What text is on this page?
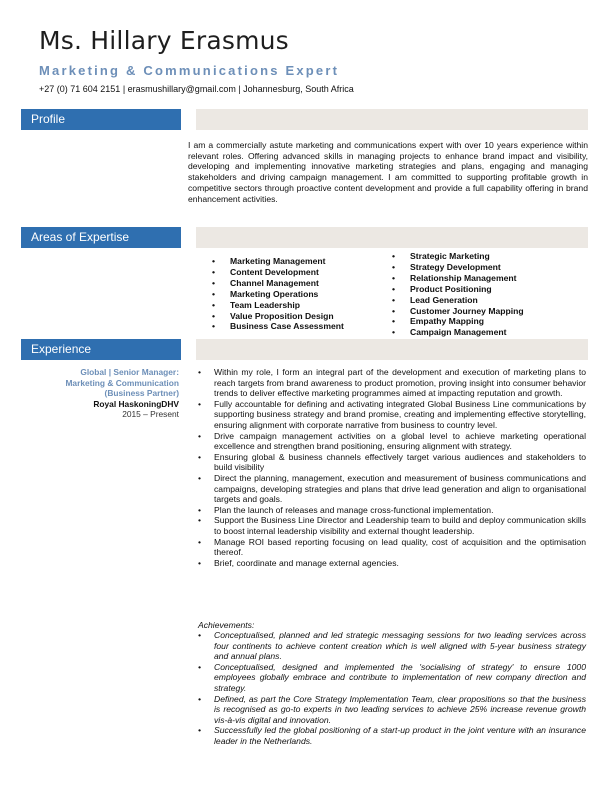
Ms. Hillary Erasmus
Marketing & Communications Expert
+27 (0) 71 604 2151 | erasmushillary@gmail.com | Johannesburg, South Africa
Profile
I am a commercially astute marketing and communications expert with over 10 years experience within relevant roles. Offering advanced skills in managing projects to enhance brand impact and visibility, developing and implementing innovative marketing strategies and plans, engaging and managing stakeholders and driving campaign management. I am committed to supporting profitable growth in competitive sectors through proactive content development and provide a full capability offering in brand enhancement activities.
Areas of Expertise
• Marketing Management
• Content Development
• Channel Management
• Marketing Operations
• Team Leadership
• Value Proposition Design
• Business Case Assessment
• Strategic Marketing
• Strategy Development
• Relationship Management
• Product Positioning
• Lead Generation
• Customer Journey Mapping
• Empathy Mapping
• Campaign Management
Experience
Global | Senior Manager:
Marketing & Communication
(Business Partner)
Royal HaskoningDHV
2015 – Present
• Within my role, I form an integral part of the development and execution of marketing plans to reach targets from brand awareness to product promotion, proving insight into consumer behavior trends to deliver effective marketing programmes aimed at impacting reputation and growth.
• Fully accountable for defining and activating integrated Global Business Line communications by supporting business strategy and brand promise, creating and implementing effective storytelling, ensuring alignment with corporate narrative from business to country level.
• Drive campaign management activities on a global level to achieve marketing operational excellence and strengthen brand positioning, ensuring alignment with strategy.
• Ensuring global & business channels effectively target various audiences and stakeholders to build visibility
• Direct the planning, management, execution and measurement of business communications and campaigns, developing strategies and plans that drive lead generation and align to organisational targets and goals.
• Plan the launch of releases and manage cross-functional implementation.
• Support the Business Line Director and Leadership team to build and deploy communication skills to boost internal leadership visibility and external thought leadership.
• Manage ROI based reporting focusing on lead quality, cost of acquisition and the optimisation thereof.
• Brief, coordinate and manage external agencies.
Achievements:
• Conceptualised, planned and led strategic messaging sessions for two leading services across four continents to achieve content creation which is well aligned with 5-year business strategy and annual plans.
• Conceptualised, designed and implemented the 'socialising of strategy' to ensure 1000 employees globally embrace and contribute to implementation of new company direction and strategy.
• Defined, as part the Core Strategy Implementation Team, clear propositions so that the business is recognised as go-to experts in two leading services to achieve 25% increase revenue growth vis-à-vis digital and innovation.
• Successfully led the global positioning of a start-up product in the joint venture with an insurance leader in the Netherlands.
